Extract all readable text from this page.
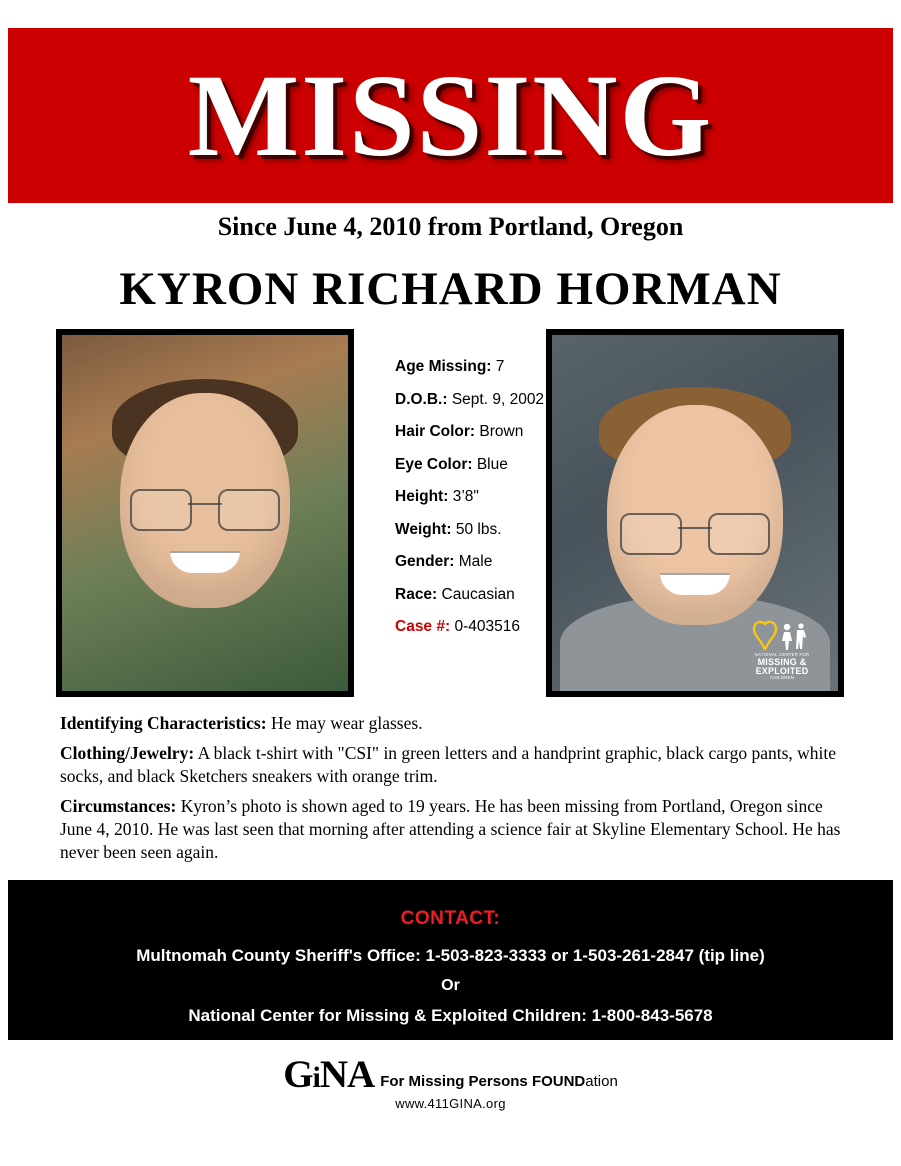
MISSING
Since June 4, 2010 from Portland, Oregon
KYRON RICHARD HORMAN
NATIONAL CENTER FOR
MISSING &
EXPLOITED
CHILDREN
Age Missing: 7
D.O.B.: Sept. 9, 2002
Hair Color: Brown
Eye Color: Blue
Height: 3’8"
Weight: 50 lbs.
Gender: Male
Race: Caucasian
Case #: 0-403516

Identifying Characteristics: He may wear glasses.

Clothing/Jewelry: A black t-shirt with "CSI" in green letters and a handprint graphic, black cargo pants, white socks, and black Sketchers sneakers with orange trim.

Circumstances: Kyron’s photo is shown aged to 19 years. He has been missing from Portland, Oregon since June 4, 2010. He was last seen that morning after attending a science fair at Skyline Elementary School. He has never been seen again.

CONTACT:
Multnomah County Sheriff's Office: 1-503-823-3333 or 1-503-261-2847 (tip line)
Or
National Center for Missing & Exploited Children: 1-800-843-5678
GiNA For Missing Persons FOUNDation
www.411GINA.org
